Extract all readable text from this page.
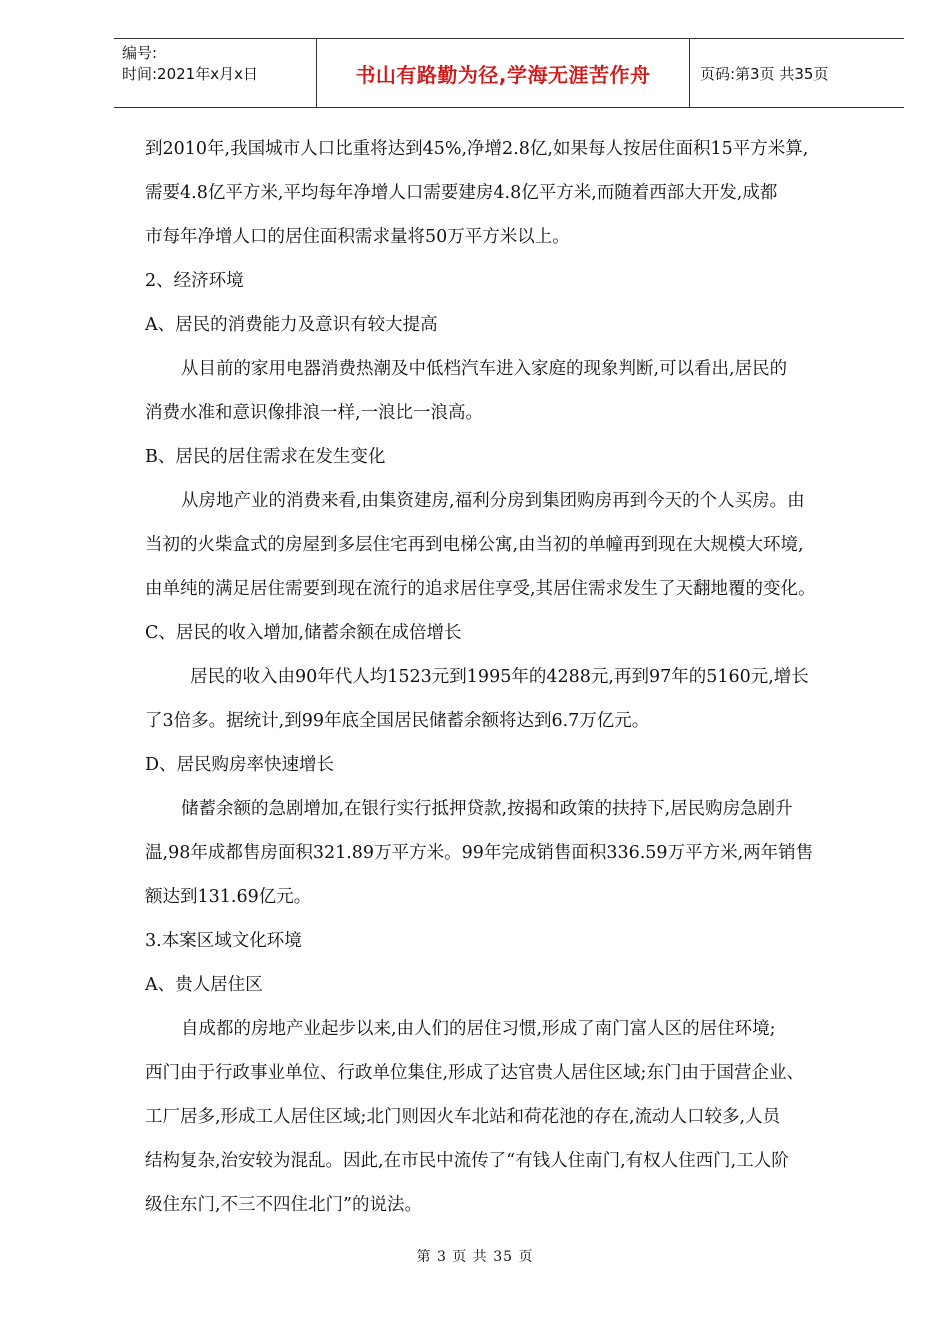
编号:
时间:2021年x月x日	书山有路勤为径,学海无涯苦作舟	页码:第3页 共35页
到2010年,我国城市人口比重将达到45%,净增2.8亿,如果每人按居住面积15平方米算,
需要4.8亿平方米,平均每年净增人口需要建房4.8亿平方米,而随着西部大开发,成都
市每年净增人口的居住面积需求量将50万平方米以上。
2、经济环境
A、居民的消费能力及意识有较大提高
从目前的家用电器消费热潮及中低档汽车进入家庭的现象判断,可以看出,居民的
消费水准和意识像排浪一样,一浪比一浪高。
B、居民的居住需求在发生变化
从房地产业的消费来看,由集资建房,福利分房到集团购房再到今天的个人买房。由
当初的火柴盒式的房屋到多层住宅再到电梯公寓,由当初的单幢再到现在大规模大环境,
由单纯的满足居住需要到现在流行的追求居住享受,其居住需求发生了天翻地覆的变化。
C、居民的收入增加,储蓄余额在成倍增长
居民的收入由90年代人均1523元到1995年的4288元,再到97年的5160元,增长
了3倍多。据统计,到99年底全国居民储蓄余额将达到6.7万亿元。
D、居民购房率快速增长
储蓄余额的急剧增加,在银行实行抵押贷款,按揭和政策的扶持下,居民购房急剧升
温,98年成都售房面积321.89万平方米。99年完成销售面积336.59万平方米,两年销售
额达到131.69亿元。
3.本案区域文化环境
A、贵人居住区
自成都的房地产业起步以来,由人们的居住习惯,形成了南门富人区的居住环境;
西门由于行政事业单位、行政单位集住,形成了达官贵人居住区域;东门由于国营企业、
工厂居多,形成工人居住区域;北门则因火车北站和荷花池的存在,流动人口较多,人员
结构复杂,治安较为混乱。因此,在市民中流传了“有钱人住南门,有权人住西门,工人阶
级住东门,不三不四住北门”的说法。
第 3 页 共 35 页
